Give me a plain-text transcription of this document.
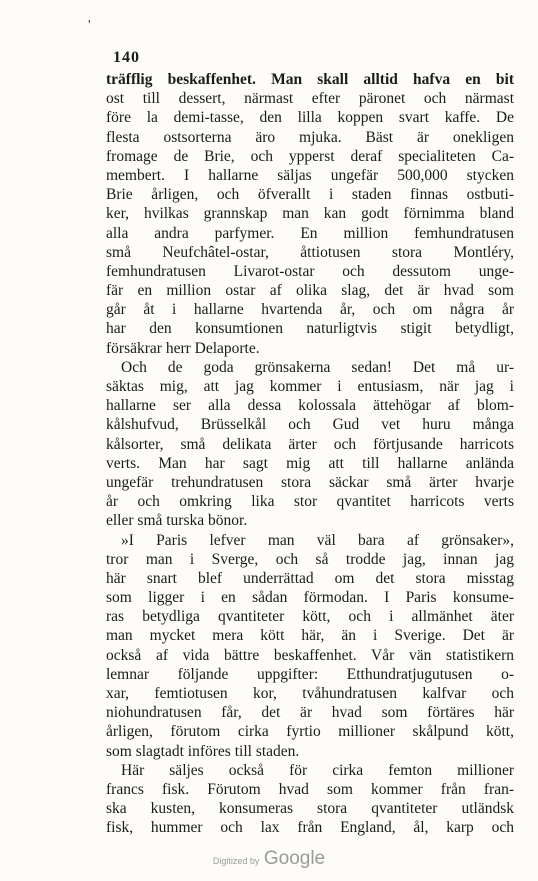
'
140
träfflig beskaffenhet. Man skall alltid hafva en bit
ost till dessert, närmast efter päronet och närmast
före la demi-tasse, den lilla koppen svart kaffe. De
flesta ostsorterna äro mjuka. Bäst är onekligen
fromage de Brie, och ypperst deraf specialiteten Ca-
membert. I hallarne säljas ungefär 500,000 stycken
Brie årligen, och öfverallt i staden finnas ostbuti-
ker, hvilkas grannskap man kan godt förnimma bland
alla andra parfymer. En million femhundratusen
små Neufchâtel-ostar, åttiotusen stora Montléry,
femhundratusen Livarot-ostar och dessutom unge-
fär en million ostar af olika slag, det är hvad som
går åt i hallarne hvartenda år, och om några år
har den konsumtionen naturligtvis stigit betydligt,
försäkrar herr Delaporte.
Och de goda grönsakerna sedan! Det må ur-
säktas mig, att jag kommer i entusiasm, när jag i
hallarne ser alla dessa kolossala ättehögar af blom-
kålshufvud, Brüsselkål och Gud vet huru många
kålsorter, små delikata ärter och förtjusande harricots
verts. Man har sagt mig att till hallarne anlända
ungefär trehundratusen stora säckar små ärter hvarje
år och omkring lika stor qvantitet harricots verts
eller små turska bönor.
»I Paris lefver man väl bara af grönsaker»,
tror man i Sverge, och så trodde jag, innan jag
här snart blef underrättad om det stora misstag
som ligger i en sådan förmodan. I Paris konsume-
ras betydliga qvantiteter kött, och i allmänhet äter
man mycket mera kött här, än i Sverige. Det är
också af vida bättre beskaffenhet. Vår vän statistikern
lemnar följande uppgifter: Etthundratjugutusen o-
xar, femtiotusen kor, tvåhundratusen kalfvar och
niohundratusen får, det är hvad som förtäres här
årligen, förutom cirka fyrtio millioner skålpund kött,
som slagtadt införes till staden.
Här säljes också för cirka femton millioner
francs fisk. Förutom hvad som kommer från fran-
ska kusten, konsumeras stora qvantiteter utländsk
fisk, hummer och lax från England, ål, karp och
Digitized by Google
